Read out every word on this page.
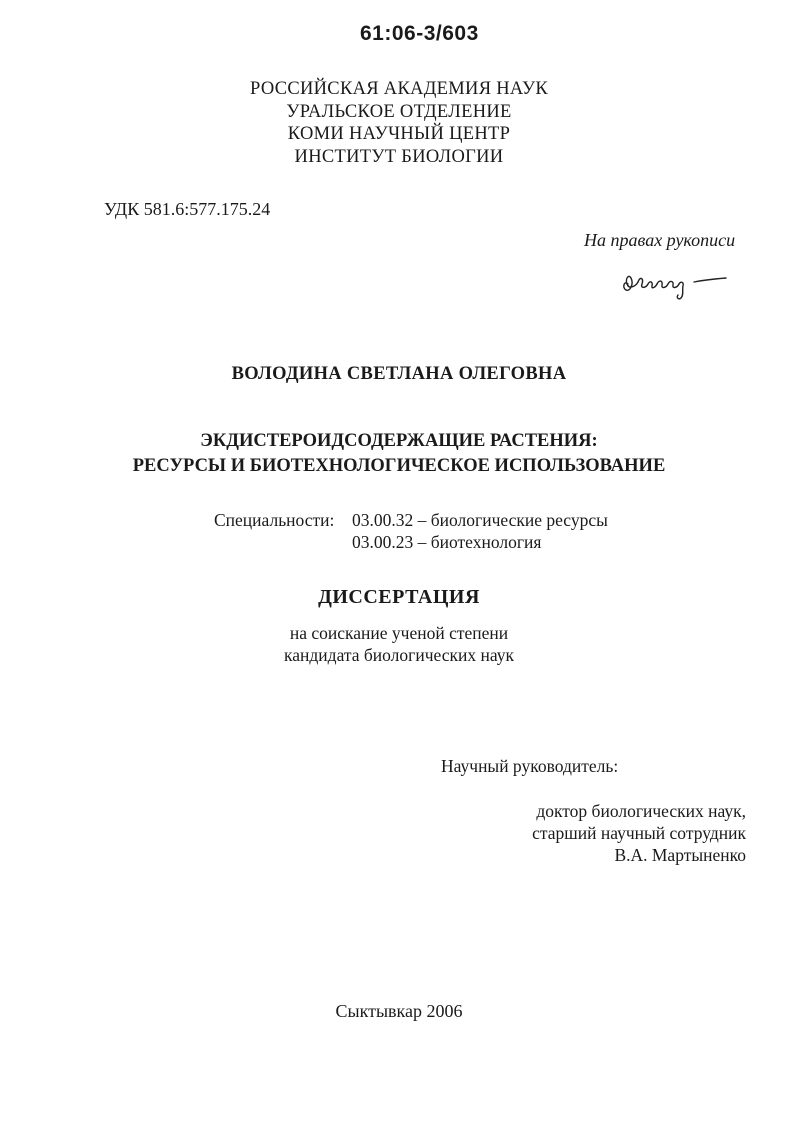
61:06-3/603
РОССИЙСКАЯ АКАДЕМИЯ НАУК
УРАЛЬСКОЕ ОТДЕЛЕНИЕ
КОМИ НАУЧНЫЙ ЦЕНТР
ИНСТИТУТ БИОЛОГИИ
УДК 581.6:577.175.24
На правах рукописи
ВОЛОДИНА СВЕТЛАНА ОЛЕГОВНА
ЭКДИСТЕРОИДСОДЕРЖАЩИЕ РАСТЕНИЯ:
РЕСУРСЫ И БИОТЕХНОЛОГИЧЕСКОЕ ИСПОЛЬЗОВАНИЕ
Специальности: 03.00.32 – биологические ресурсы
03.00.23 – биотехнология
ДИССЕРТАЦИЯ
на соискание ученой степени
кандидата биологических наук
Научный руководитель:
доктор биологических наук,
старший научный сотрудник
В.А. Мартыненко
Сыктывкар 2006
